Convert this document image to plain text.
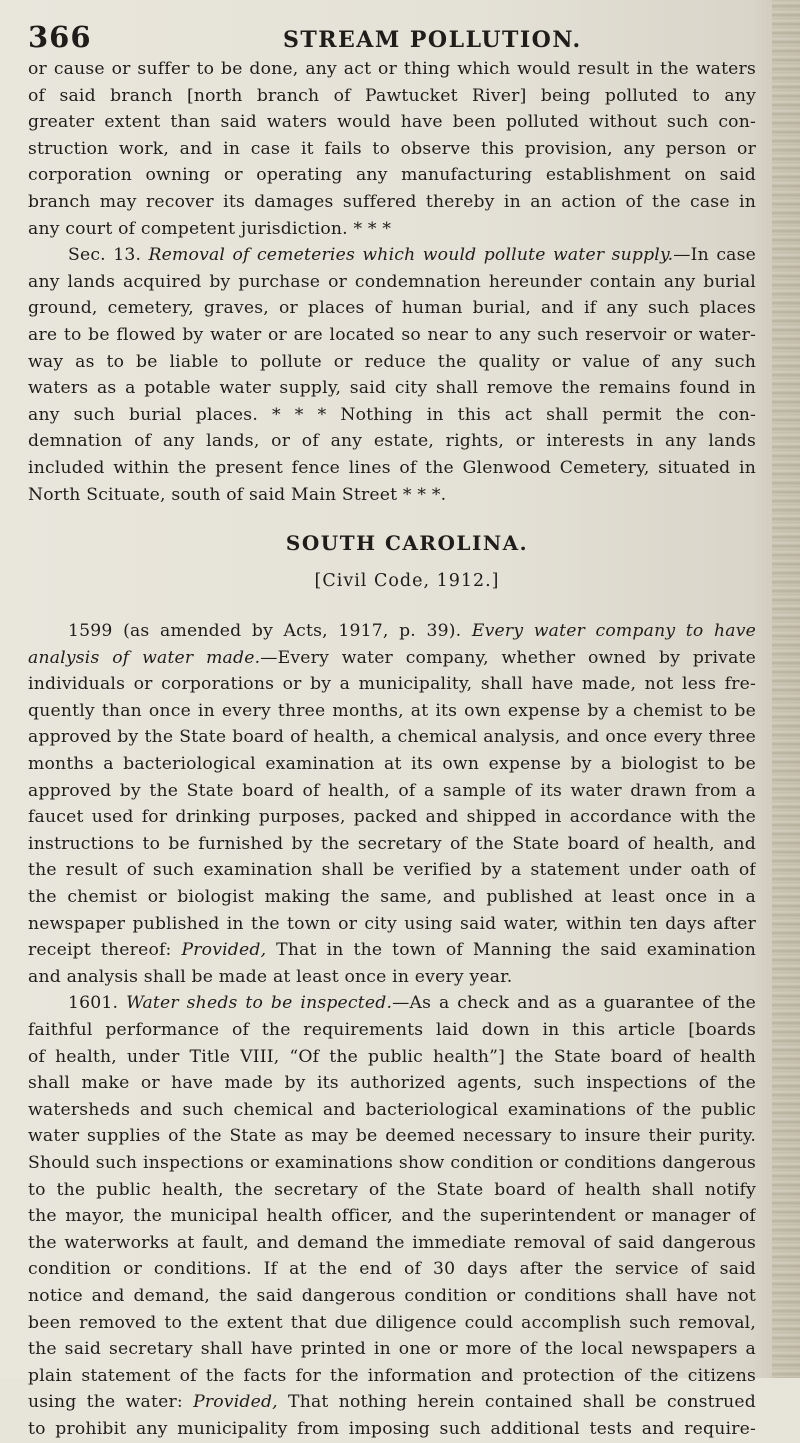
366	STREAM POLLUTION.
or cause or suffer to be done, any act or thing which would result in the waters
of said branch [north branch of Pawtucket River] being polluted to any
greater extent than said waters would have been polluted without such con-
struction work, and in case it fails to observe this provision, any person or
corporation owning or operating any manufacturing establishment on said
branch may recover its damages suffered thereby in an action of the case in
any court of competent jurisdiction. * * *
Sec. 13. Removal of cemeteries which would pollute water supply.—In case
any lands acquired by purchase or condemnation hereunder contain any burial
ground, cemetery, graves, or places of human burial, and if any such places
are to be flowed by water or are located so near to any such reservoir or water-
way as to be liable to pollute or reduce the quality or value of any such
waters as a potable water supply, said city shall remove the remains found in
any such burial places. * * * Nothing in this act shall permit the con-
demnation of any lands, or of any estate, rights, or interests in any lands
included within the present fence lines of the Glenwood Cemetery, situated in
North Scituate, south of said Main Street * * *.
SOUTH CAROLINA.
[Civil Code, 1912.]
1599 (as amended by Acts, 1917, p. 39). Every water company to have
analysis of water made.—Every water company, whether owned by private
individuals or corporations or by a municipality, shall have made, not less fre-
quently than once in every three months, at its own expense by a chemist to be
approved by the State board of health, a chemical analysis, and once every three
months a bacteriological examination at its own expense by a biologist to be
approved by the State board of health, of a sample of its water drawn from a
faucet used for drinking purposes, packed and shipped in accordance with the
instructions to be furnished by the secretary of the State board of health, and
the result of such examination shall be verified by a statement under oath of
the chemist or biologist making the same, and published at least once in a
newspaper published in the town or city using said water, within ten days after
receipt thereof: Provided, That in the town of Manning the said examination
and analysis shall be made at least once in every year.
1601. Water sheds to be inspected.—As a check and as a guarantee of the
faithful performance of the requirements laid down in this article [boards
of health, under Title VIII, “Of the public health”] the State board of health
shall make or have made by its authorized agents, such inspections of the
watersheds and such chemical and bacteriological examinations of the public
water supplies of the State as may be deemed necessary to insure their purity.
Should such inspections or examinations show condition or conditions dangerous
to the public health, the secretary of the State board of health shall notify
the mayor, the municipal health officer, and the superintendent or manager of
the waterworks at fault, and demand the immediate removal of said dangerous
condition or conditions. If at the end of 30 days after the service of said
notice and demand, the said dangerous condition or conditions shall have not
been removed to the extent that due diligence could accomplish such removal,
the said secretary shall have printed in one or more of the local newspapers a
plain statement of the facts for the information and protection of the citizens
using the water: Provided, That nothing herein contained shall be construed
to prohibit any municipality from imposing such additional tests and require-
